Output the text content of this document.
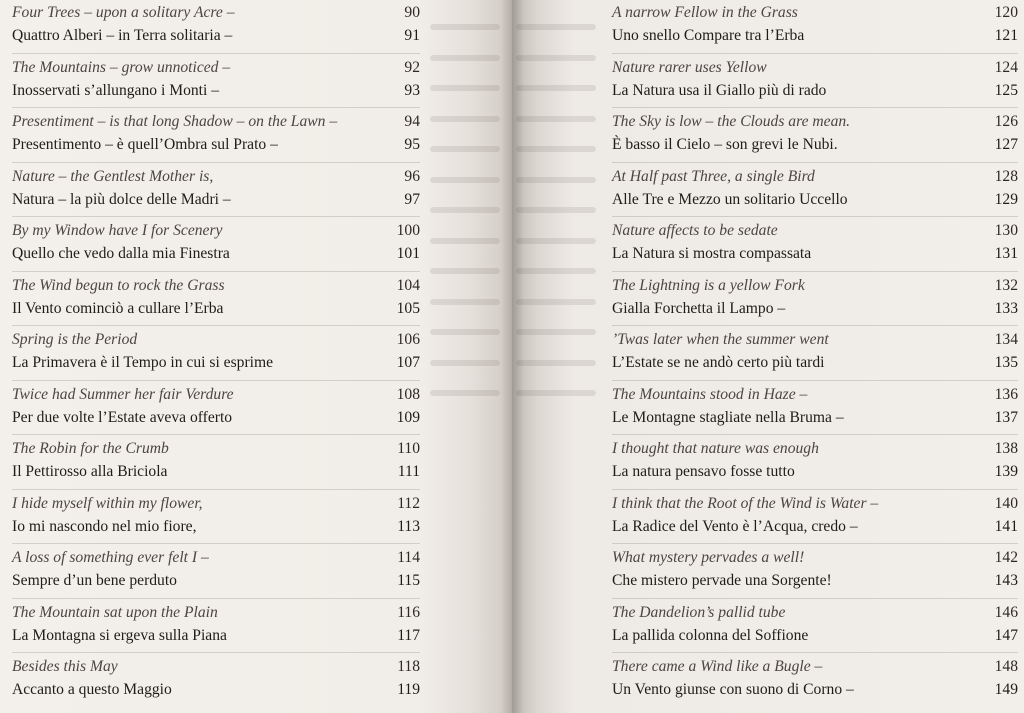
Four Trees – upon a solitary Acre –	90
Quattro Alberi – in Terra solitaria –	91
The Mountains – grow unnoticed –	92
Inosservati s’allungano i Monti –	93
Presentiment – is that long Shadow – on the Lawn –	94
Presentimento – è quell’Ombra sul Prato –	95
Nature – the Gentlest Mother is,	96
Natura – la più dolce delle Madri –	97
By my Window have I for Scenery	100
Quello che vedo dalla mia Finestra	101
The Wind begun to rock the Grass	104
Il Vento cominciò a cullare l’Erba	105
Spring is the Period	106
La Primavera è il Tempo in cui si esprime	107
Twice had Summer her fair Verdure	108
Per due volte l’Estate aveva offerto	109
The Robin for the Crumb	110
Il Pettirosso alla Briciola	111
I hide myself within my flower,	112
Io mi nascondo nel mio fiore,	113
A loss of something ever felt I –	114
Sempre d’un bene perduto	115
The Mountain sat upon the Plain	116
La Montagna si ergeva sulla Piana	117
Besides this May	118
Accanto a questo Maggio	119
A narrow Fellow in the Grass	120
Uno snello Compare tra l’Erba	121
Nature rarer uses Yellow	124
La Natura usa il Giallo più di rado	125
The Sky is low – the Clouds are mean.	126
È basso il Cielo – son grevi le Nubi.	127
At Half past Three, a single Bird	128
Alle Tre e Mezzo un solitario Uccello	129
Nature affects to be sedate	130
La Natura si mostra compassata	131
The Lightning is a yellow Fork	132
Gialla Forchetta il Lampo –	133
’Twas later when the summer went	134
L’Estate se ne andò certo più tardi	135
The Mountains stood in Haze –	136
Le Montagne stagliate nella Bruma –	137
I thought that nature was enough	138
La natura pensavo fosse tutto	139
I think that the Root of the Wind is Water –	140
La Radice del Vento è l’Acqua, credo –	141
What mystery pervades a well!	142
Che mistero pervade una Sorgente!	143
The Dandelion’s pallid tube	146
La pallida colonna del Soffione	147
There came a Wind like a Bugle –	148
Un Vento giunse con suono di Corno –	149
